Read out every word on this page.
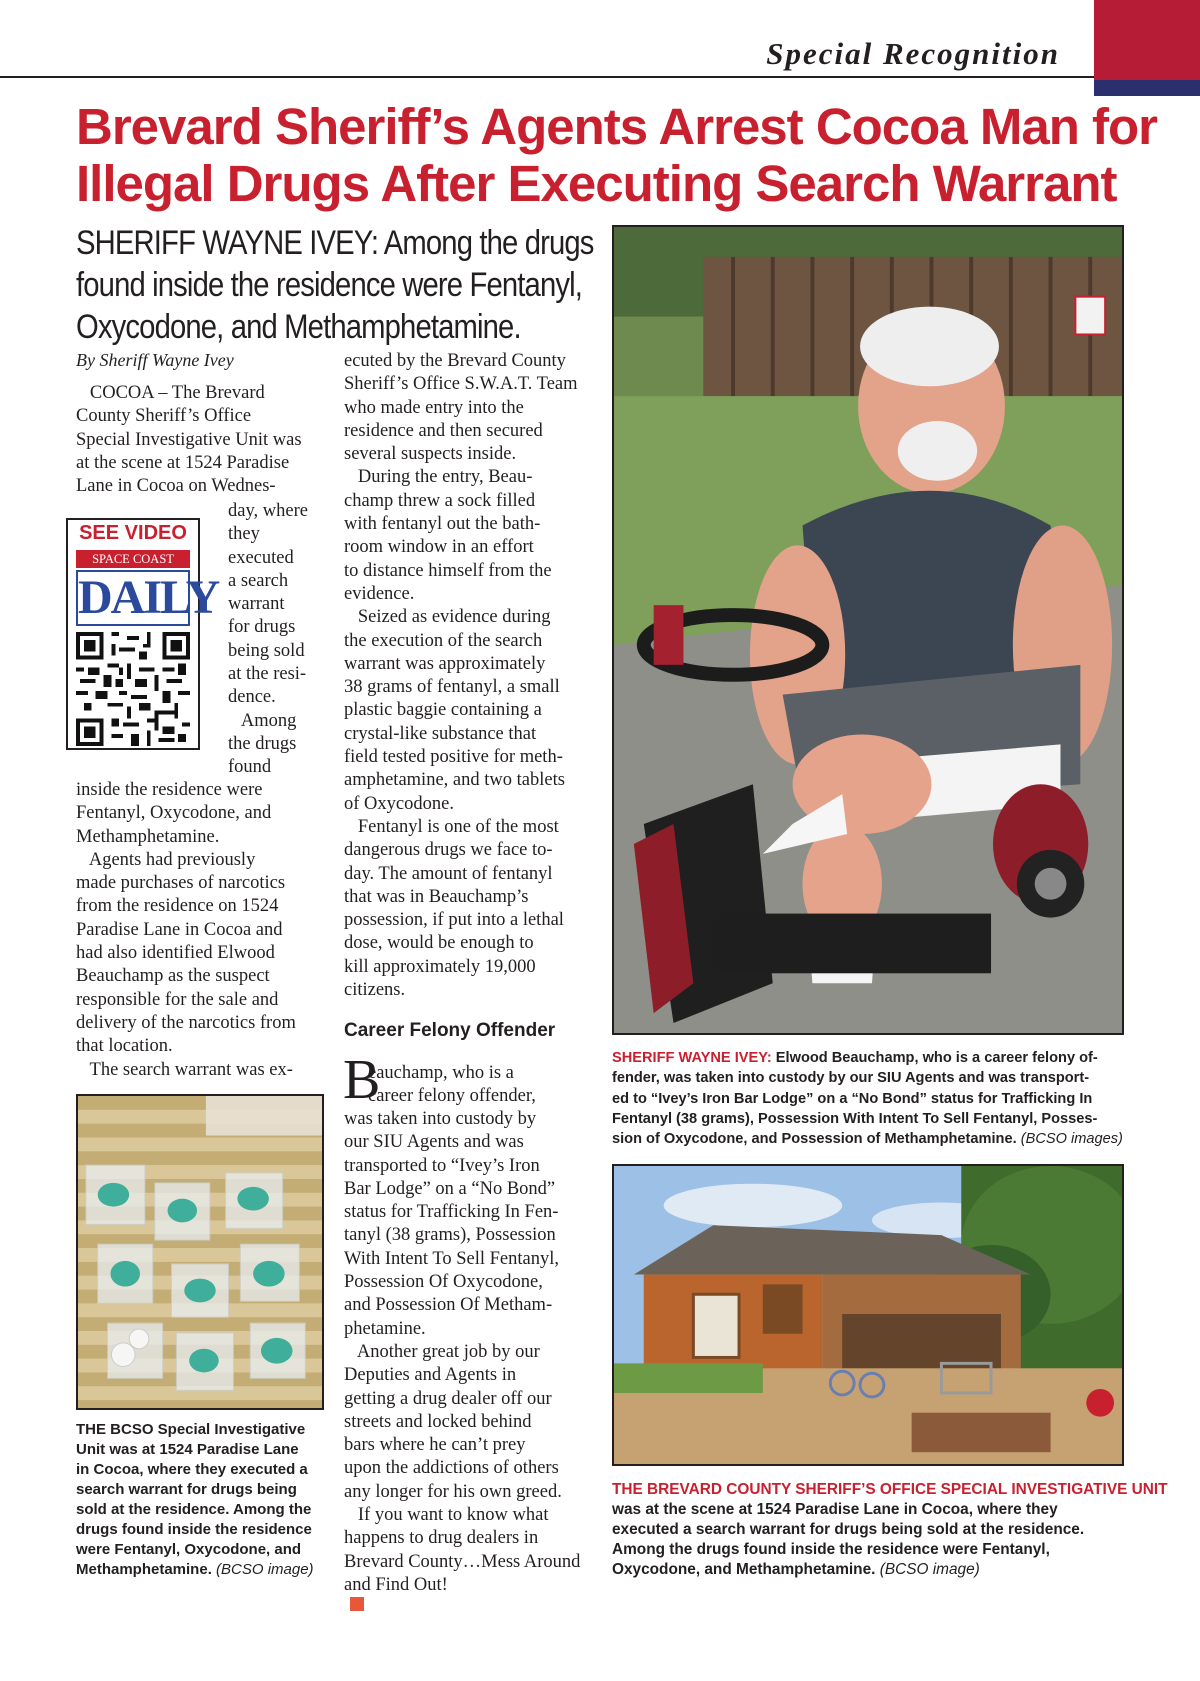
Special Recognition
Brevard Sheriff’s Agents Arrest Cocoa Man for
Illegal Drugs After Executing Search Warrant
SHERIFF WAYNE IVEY: Among the drugs
found inside the residence were Fentanyl,
Oxycodone, and Methamphetamine.
By Sheriff Wayne Ivey
COCOA – The Brevard
County Sheriff’s Office
Special Investigative Unit was
at the scene at 1524 Paradise
Lane in Cocoa on Wednes-
SEE VIDEO
SPACE COAST
DAILY
day, where
they
executed
a search
warrant
for drugs
being sold
at the resi-
dence.
Among
the drugs
found
inside the residence were
Fentanyl, Oxycodone, and
Methamphetamine.
Agents had previously
made purchases of narcotics
from the residence on 1524
Paradise Lane in Cocoa and
had also identified Elwood
Beauchamp as the suspect
responsible for the sale and
delivery of the narcotics from
that location.
The search warrant was ex-
ecuted by the Brevard County
Sheriff’s Office S.W.A.T. Team
who made entry into the
residence and then secured
several suspects inside.
During the entry, Beau-
champ threw a sock filled
with fentanyl out the bath-
room window in an effort
to distance himself from the
evidence.
Seized as evidence during
the execution of the search
warrant was approximately
38 grams of fentanyl, a small
plastic baggie containing a
crystal-like substance that
field tested positive for meth-
amphetamine, and two tablets
of Oxycodone.
Fentanyl is one of the most
dangerous drugs we face to-
day. The amount of fentanyl
that was in Beauchamp’s
possession, if put into a lethal
dose, would be enough to
kill approximately 19,000
citizens.
Career Felony Offender
B
eauchamp, who is a
career felony offender,
was taken into custody by
our SIU Agents and was
transported to “Ivey’s Iron
Bar Lodge” on a “No Bond”
status for Trafficking In Fen-
tanyl (38 grams), Possession
With Intent To Sell Fentanyl,
Possession Of Oxycodone,
and Possession Of Metham-
phetamine.
Another great job by our
Deputies and Agents in
getting a drug dealer off our
streets and locked behind
bars where he can’t prey
upon the addictions of others
any longer for his own greed.
If you want to know what
happens to drug dealers in
Brevard County…Mess Around
and Find Out!
SHERIFF WAYNE IVEY: Elwood Beauchamp, who is a career felony of-
fender, was taken into custody by our SIU Agents and was transport-
ed to “Ivey’s Iron Bar Lodge” on a “No Bond” status for Trafficking In
Fentanyl (38 grams), Possession With Intent To Sell Fentanyl, Posses-
sion of Oxycodone, and Possession of Methamphetamine. (BCSO images)
THE BREVARD COUNTY SHERIFF’S OFFICE SPECIAL INVESTIGATIVE UNIT
was at the scene at 1524 Paradise Lane in Cocoa, where they
executed a search warrant for drugs being sold at the residence.
Among the drugs found inside the residence were Fentanyl,
Oxycodone, and Methamphetamine. (BCSO image)
THE BCSO Special Investigative
Unit was at 1524 Paradise Lane
in Cocoa, where they executed a
search warrant for drugs being
sold at the residence. Among the
drugs found inside the residence
were Fentanyl, Oxycodone, and
Methamphetamine. (BCSO image)
